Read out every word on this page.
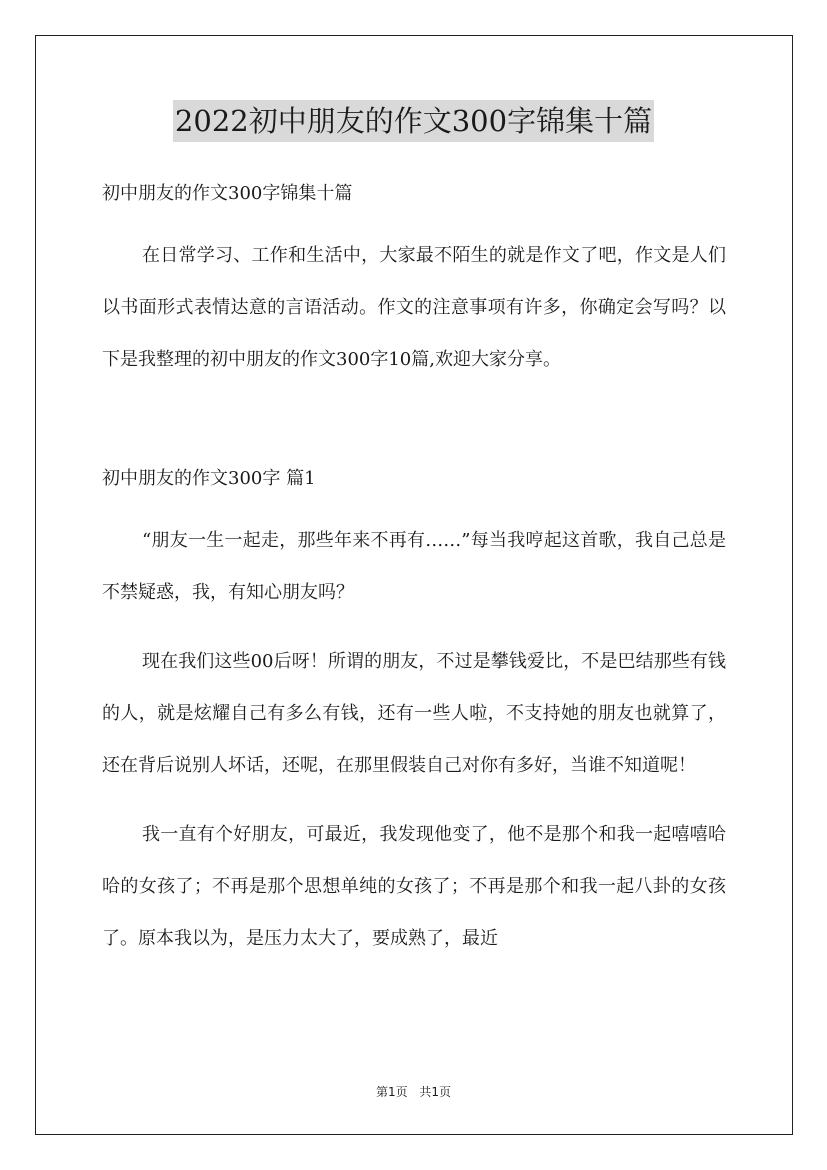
2022初中朋友的作文300字锦集十篇

初中朋友的作文300字锦集十篇

在日常学习、工作和生活中，大家最不陌生的就是作文了吧，作文是人们以书面形式表情达意的言语活动。作文的注意事项有许多，你确定会写吗？以下是我整理的初中朋友的作文300字10篇,欢迎大家分享。

初中朋友的作文300字 篇1

“朋友一生一起走，那些年来不再有……”每当我哼起这首歌，我自己总是不禁疑惑，我，有知心朋友吗？

现在我们这些00后呀！所谓的朋友，不过是攀钱爱比，不是巴结那些有钱的人，就是炫耀自己有多么有钱，还有一些人啦，不支持她的朋友也就算了，还在背后说别人坏话，还呢，在那里假装自己对你有多好，当谁不知道呢！

我一直有个好朋友，可最近，我发现他变了，他不是那个和我一起嘻嘻哈哈的女孩了；不再是那个思想单纯的女孩了；不再是那个和我一起八卦的女孩了。原本我以为，是压力太大了，要成熟了，最近

第1页 共1页
